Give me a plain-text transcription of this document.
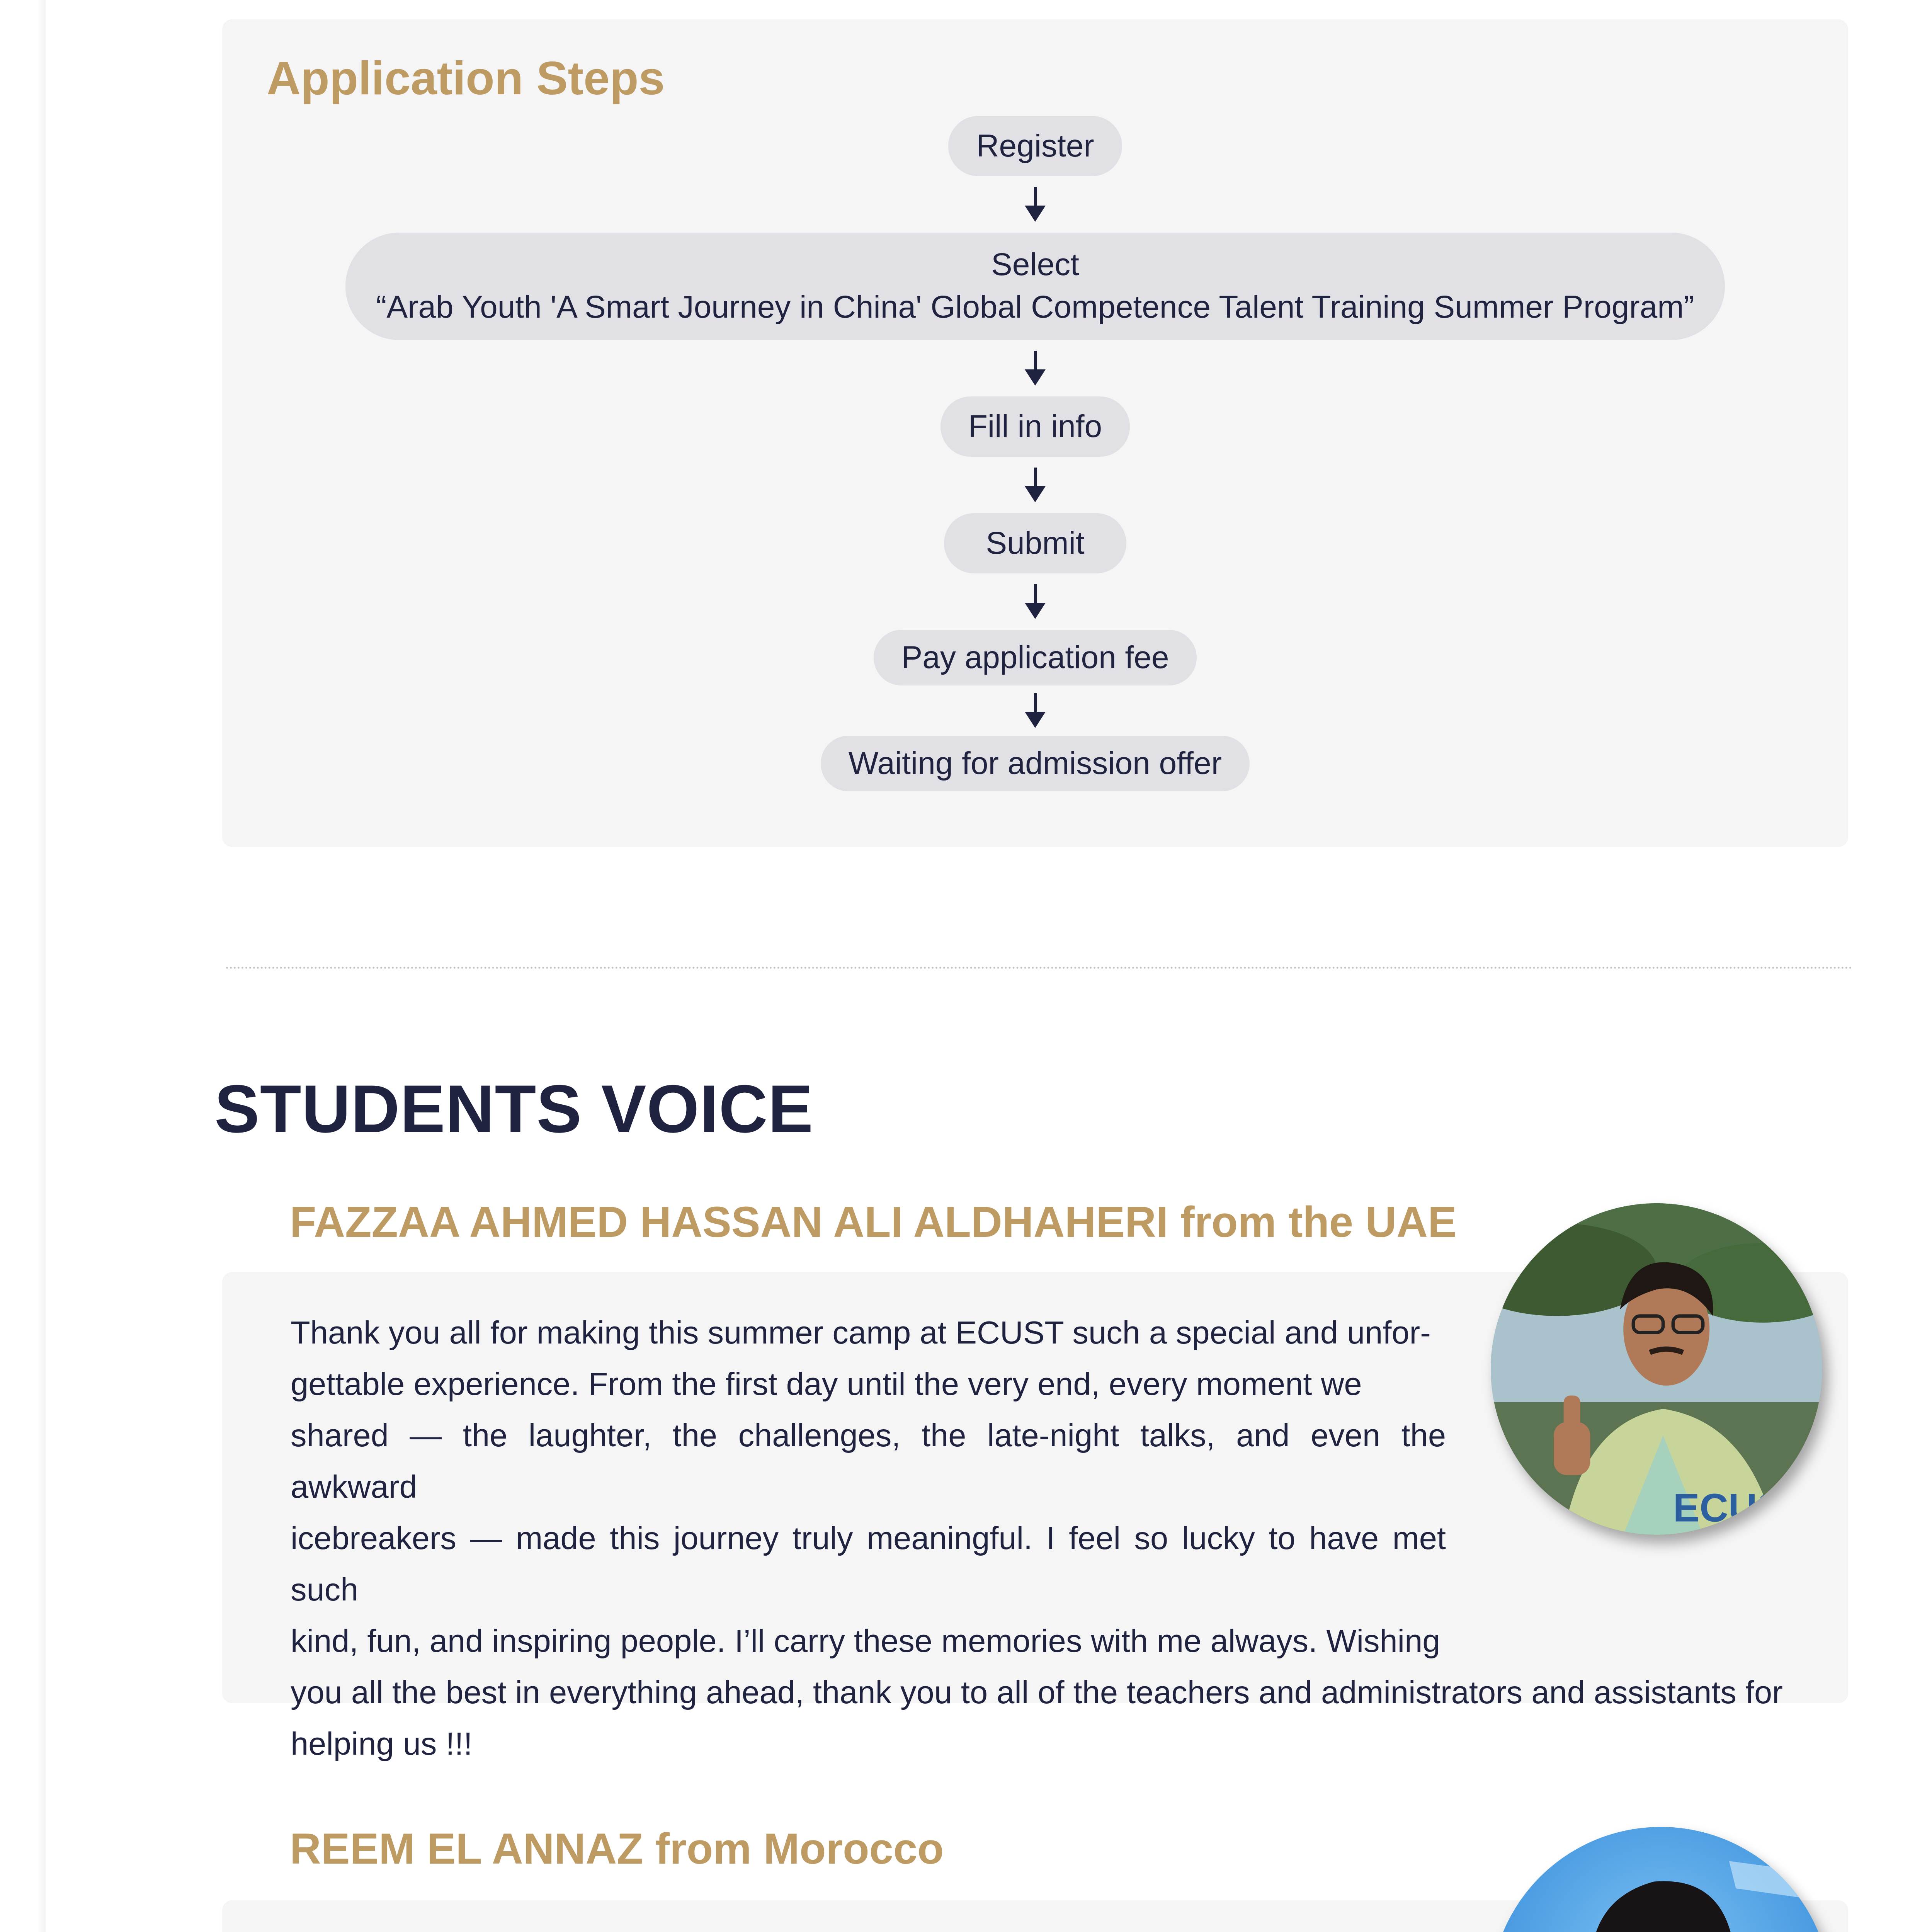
Application Steps
Register
Select
“Arab Youth 'A Smart Journey in China' Global Competence Talent Training Summer Program”
Fill in info
Submit
Pay application fee
Waiting for admission offer
STUDENTS VOICE
FAZZAA AHMED HASSAN ALI ALDHAHERI from the UAE

Thank you all for making this summer camp at ECUST such a special and unfor-
gettable experience. From the first day until the very end, every moment we
shared — the laughter, the challenges, the late-night talks, and even the awkward
icebreakers — made this journey truly meaningful. I feel so lucky to have met such
kind, fun, and inspiring people. I’ll carry these memories with me always. Wishing
you all the best in everything ahead, thank you to all of the teachers and administrators and assistants for
helping us !!!

ECUS
REEM EL ANNAZ from Morocco
